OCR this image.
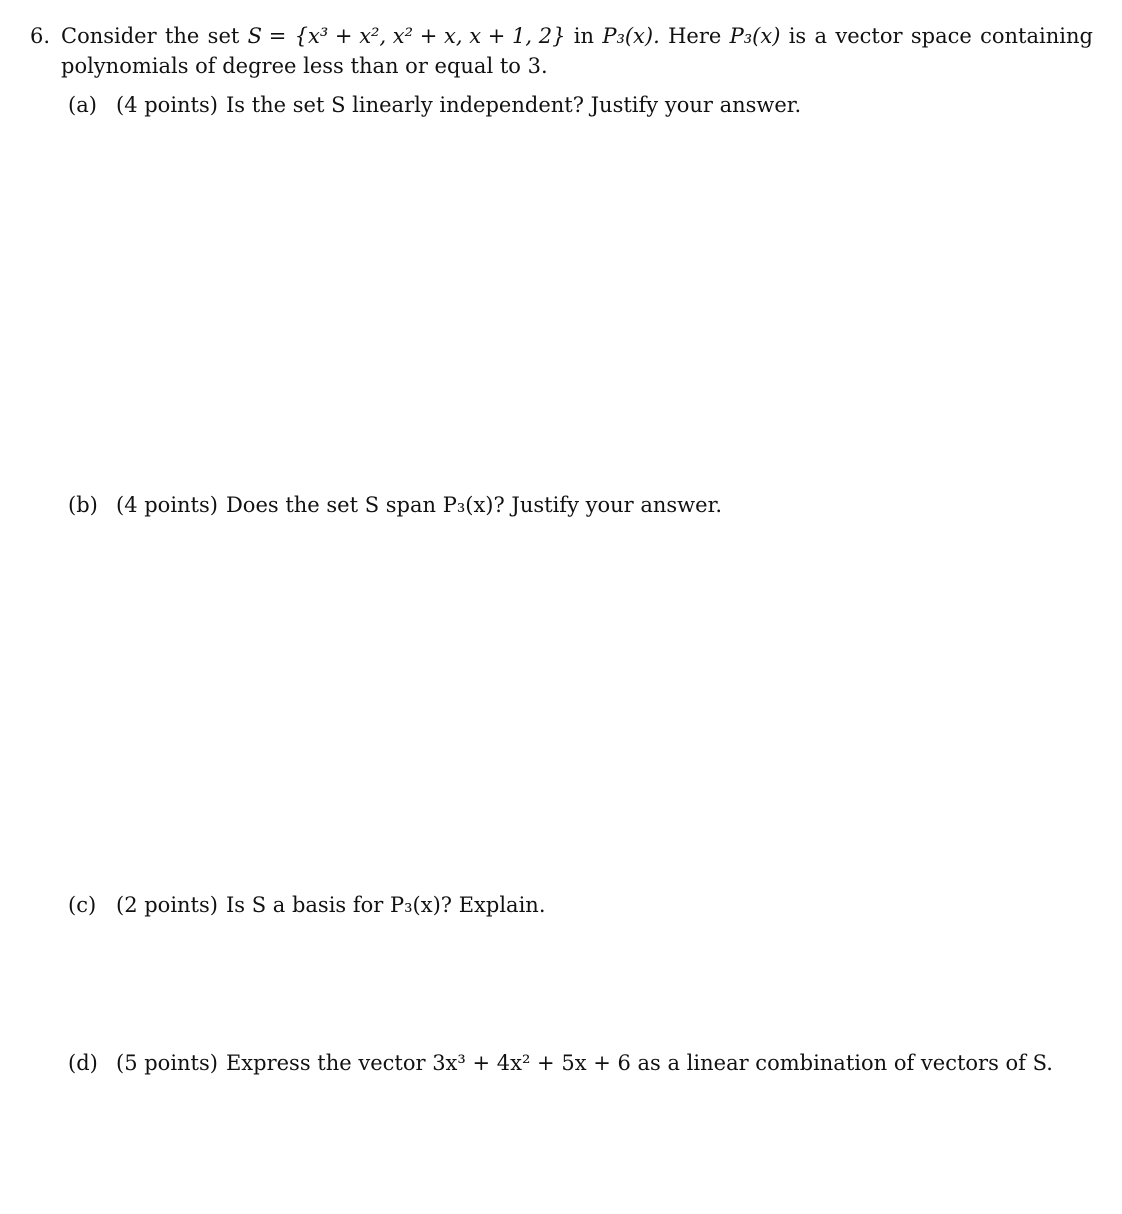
6. Consider the set S = {x³ + x², x² + x, x + 1, 2} in P₃(x). Here P₃(x) is a vector space containing
polynomials of degree less than or equal to 3.
(a) (4 points) Is the set S linearly independent? Justify your answer.
(b) (4 points) Does the set S span P₃(x)? Justify your answer.
(c) (2 points) Is S a basis for P₃(x)? Explain.
(d) (5 points) Express the vector 3x³ + 4x² + 5x + 6 as a linear combination of vectors of S.
